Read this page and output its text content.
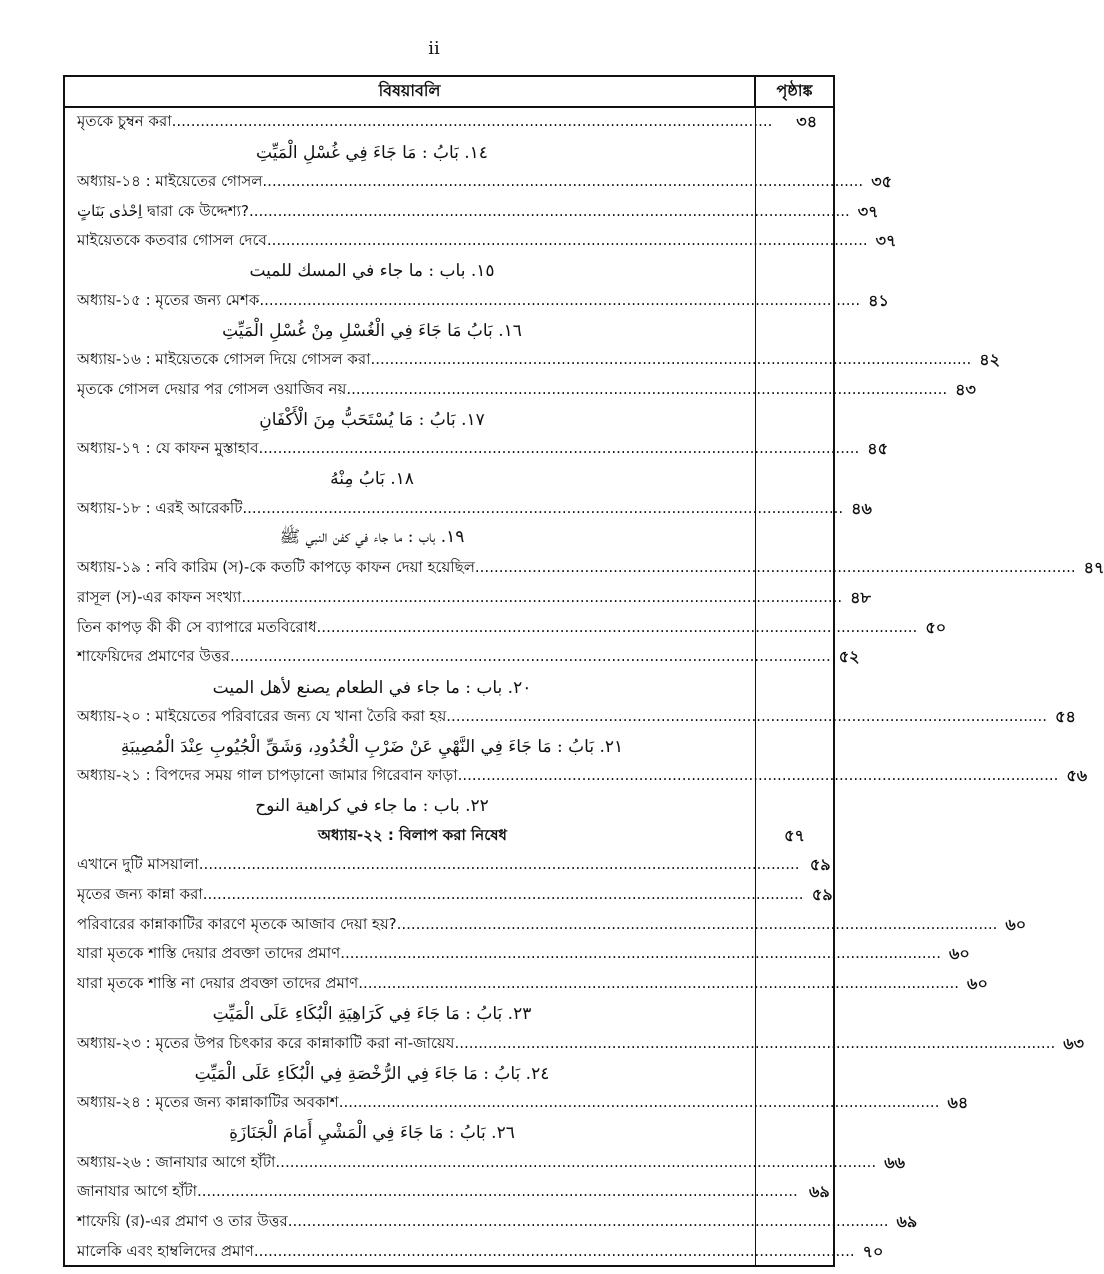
ii
বিষয়াবলি	পৃষ্ঠাঙ্ক
মৃতকে চুম্বন করা..............................................................................................................................	৩৪
١٤. بَابُ : مَا جَاءَ فِي غُسْلِ الْمَيِّتِ
অধ্যায়-১৪ : মাইয়েতের গোসল.............................................................................................................................. ৩৫
اِحْدٰى بَنَاتٍ দ্বারা কে উদ্দেশ্য?.............................................................................................................................. ৩৭
মাইয়েতকে কতবার গোসল দেবে.............................................................................................................................. ৩৭
١٥. باب : ما جاء في المسك للميت
অধ্যায়-১৫ : মৃতের জন্য মেশক.............................................................................................................................. ৪১
١٦. بَابُ مَا جَاءَ فِي الْغُسْلِ مِنْ غُسْلِ الْمَيِّتِ
অধ্যায়-১৬ : মাইয়েতকে গোসল দিয়ে গোসল করা.............................................................................................................................. ৪২
মৃতকে গোসল দেয়ার পর গোসল ওয়াজিব নয়.............................................................................................................................. ৪৩
١٧. بَابُ : مَا يُسْتَحَبُّ مِنَ الْأَكْفَانِ
অধ্যায়-১৭ : যে কাফন মুস্তাহাব.............................................................................................................................. ৪৫
١٨. بَابُ مِنْهُ
অধ্যায়-১৮ : এরই আরেকটি.............................................................................................................................. ৪৬
١٩. باب : ما جاء في كفن النبي ﷺ
অধ্যায়-১৯ : নবি কারিম (স)-কে কতটি কাপড়ে কাফন দেয়া হয়েছিল.............................................................................................................................. ৪৭
রাসূল (স)-এর কাফন সংখ্যা.............................................................................................................................. ৪৮
তিন কাপড় কী কী সে ব্যাপারে মতবিরোধ.............................................................................................................................. ৫০
শাফেয়িদের প্রমাণের উত্তর.............................................................................................................................. ৫২
٢٠. باب : ما جاء في الطعام يصنع لأهل الميت
অধ্যায়-২০ : মাইয়েতের পরিবারের জন্য যে খানা তৈরি করা হয়.............................................................................................................................. ৫৪
٢١. بَابُ : مَا جَاءَ فِي النَّهْيِ عَنْ ضَرْبِ الْخُدُودِ، وَشَقِّ الْجُيُوبِ عِنْدَ الْمُصِيبَةِ
অধ্যায়-২১ : বিপদের সময় গাল চাপড়ানো জামার গিরেবান ফাড়া.............................................................................................................................. ৫৬
٢٢. باب : ما جاء في كراهية النوح
অধ্যায়-২২ : বিলাপ করা নিষেধ	৫৭
এখানে দুটি মাসয়ালা.............................................................................................................................. ৫৯
মৃতের জন্য কান্না করা.............................................................................................................................. ৫৯
পরিবারের কান্নাকাটির কারণে মৃতকে আজাব দেয়া হয়?.............................................................................................................................. ৬০
যারা মৃতকে শাস্তি দেয়ার প্রবক্তা তাদের প্রমাণ.............................................................................................................................. ৬০
যারা মৃতকে শাস্তি না দেয়ার প্রবক্তা তাদের প্রমাণ.............................................................................................................................. ৬০
٢٣. بَابُ : مَا جَاءَ فِي كَرَاهِيَةِ الْبُكَاءِ عَلَى الْمَيِّتِ
অধ্যায়-২৩ : মৃতের উপর চিৎকার করে কান্নাকাটি করা না-জায়েয.............................................................................................................................. ৬৩
٢٤. بَابُ : مَا جَاءَ فِي الرُّخْصَةِ فِي الْبُكَاءِ عَلَى الْمَيِّتِ
অধ্যায়-২৪ : মৃতের জন্য কান্নাকাটির অবকাশ.............................................................................................................................. ৬৪
٢٦. بَابُ : مَا جَاءَ فِي الْمَشْيِ أَمَامَ الْجَنَازَةِ
অধ্যায়-২৬ : জানাযার আগে হাঁটা.............................................................................................................................. ৬৬
জানাযার আগে হাঁটা.............................................................................................................................. ৬৯
শাফেয়ি (র)-এর প্রমাণ ও তার উত্তর.............................................................................................................................. ৬৯
মালেকি এবং হাম্বলিদের প্রমাণ.............................................................................................................................. ৭০
